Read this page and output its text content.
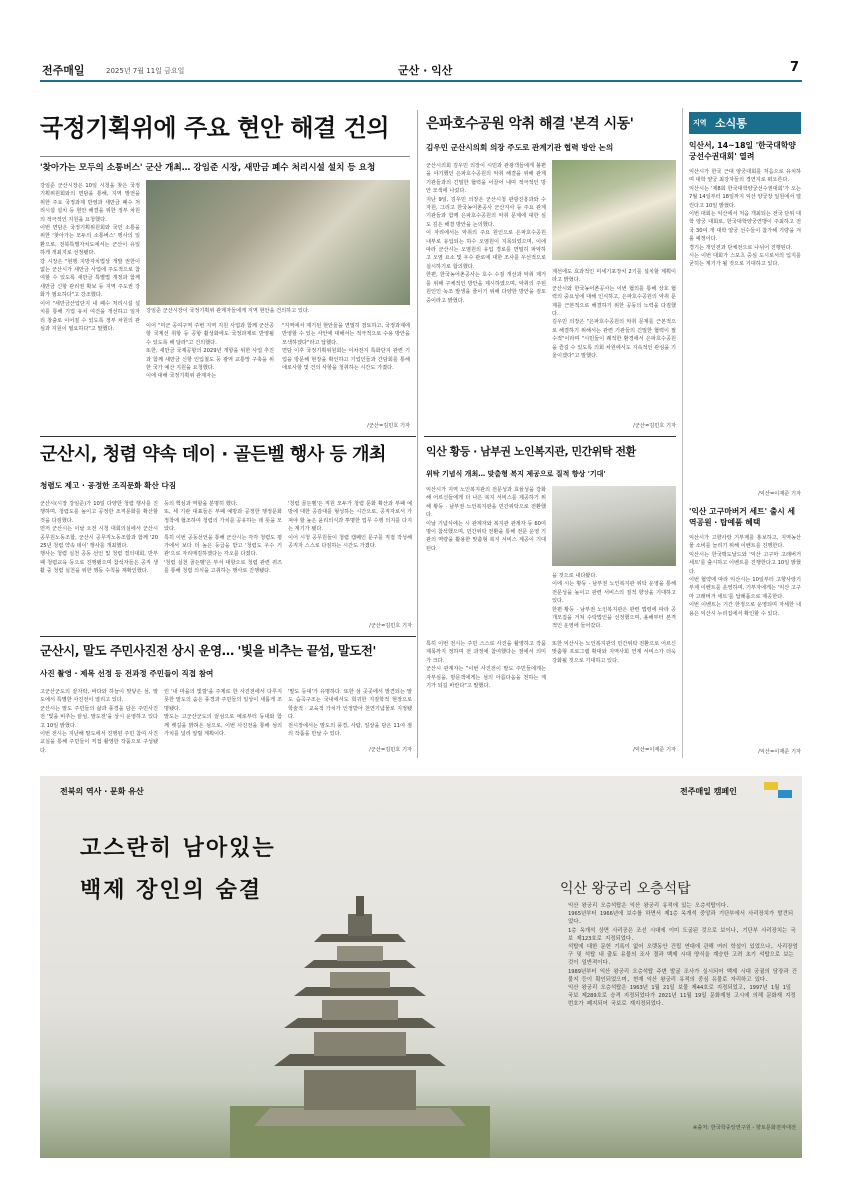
전주매일	2025년 7월 11일 금요일	군산 · 익산	7
국정기획위에 주요 현안 해결 건의
'찾아가는 모두의 소통버스' 군산 개최… 강임준 시장, 새만금 폐수 처리시설 설치 등 요청
강임준 군산시장은 10일 시청을 찾은 국정기획위원회와의 면담을 통해, 지역 발전을 위한 주요 국정과제 반영과 새만금 폐수 처리시설 설치 등 현안 해결을 위한 정부 차원의 적극적인 지원을 요청했다.
이번 면담은 국정기획위원회와 국민 소통을 위한 '찾아가는 모두의 소통버스' 행사의 일환으로, 전북특별자치도에서는 군산이 유일하게 개최지로 선정됐다.
강 시장은 "현행 지방자치법상 개발 권한이 없는 군산시가 새만금 사업에 주도적으로 참여할 수 있도록 새만금 특별법 개정과 함께 새만금 신항 관리권 확보 등 지역 주도권 강화가 필요하다"고 강조했다.
이어 "새만금산업단지 내 폐수 처리시설 설치를 통해 기업 유치 여건을 개선하고 일자리 창출로 이어질 수 있도록 정부 차원의 관심과 지원이 필요하다"고 말했다.
강임준 군산시장이 국정기획위 관계자들에게 지역 현안을 건의하고 있다.
이어 "미군 공여구역 주변 지역 지원 사업과 함께 군산공항 국제선 취항 등 공항 활성화에도 국정과제로 반영될 수 있도록 해 달라"고 건의했다.
또한, 새만금 국제공항의 2029년 개항을 위한 사업 추진과 함께 새만금 신항 인입철도 등 광역 교통망 구축을 위한 국가 예산 지원을 요청했다.
이에 대해 국정기획위 관계자는
"지역에서 제기된 현안들을 면밀히 검토하고, 국정과제에 반영할 수 있는 사안에 대해서는 적극적으로 수용 방안을 모색하겠다"라고 답했다.
면담 이후 국정기획위원회는 이차전지 특화단지 관련 기업을 방문해 현장을 확인하고 기업인들과 간담회를 통해 애로사항 및 건의 사항을 청취하는 시간도 가졌다.
/군산=김민호 기자
은파호수공원 악취 해결 '본격 시동'
김우민 군산시의회 의장 주도로 관계기관 협력 방안 논의
군산시의회 김우민 의장이 시민과 관광객들에게 불편을 야기했던 은파호수공원의 악취 해결을 위해 관계 기관들과의 긴밀한 협력을 이끌어 내며 적극적인 방안 모색에 나섰다.
지난 9일, 김우민 의장은 군산시청 관광진흥과와 수자원, 그리고 한국농어촌공사 군산지사 등 주요 관계 기관들과 함께 은파호수공원의 악취 문제에 대한 심도 깊은 해결 방안을 논의했다.
이 자리에서는 악취의 주요 원인으로 은파호수공원 내부로 유입되는 하수 오염원이 지목되었으며, 이에 따라 군산시는 오염원의 유입 경로를 면밀히 파악하고 오염 요소 및 우수 관로에 대한 조사를 우선적으로 실시하기로 합의했다.
한편, 한국농어촌공사는 호수 수질 개선과 악취 제거를 위해 구체적인 방안을 제시하였으며, 악취의 주된 원인인 녹조 발생을 줄이기 위해 다양한 방안을 검토 중이라고 밝혔다.
계선에도 효과적인 미세기포장치 2기를 설치할 계획이라고 밝혔다.
군산시와 한국농어촌공사는 이번 협의를 통해 상호 협력의 중요성에 대해 인식하고, 은파호수공원의 악취 문제를 근본적으로 해결하기 위한 공동의 노력을 다짐했다.
김우민 의장은 "은파호수공원의 악취 문제를 근본적으로 해결하기 위해서는 관련 기관들의 긴밀한 협력이 필수적"이라며 "시민들이 쾌적한 환경에서 은파호수공원을 즐길 수 있도록 의회 차원에서도 지속적인 관심을 기울이겠다"고 말했다.
/군산=김민호 기자
지역 소식통
익산서, 14~18일 '한국대학양궁선수권대회' 열려
익산시가 한국 근대 양궁대회를 처음으로 유치하며 대학 양궁 최강자들의 경연지로 떠오른다.
익산시는 '제8회 한국대학양궁선수권대회'가 오는 7월 14일부터 18일까지 익산 양궁장 일원에서 열린다고 10일 밝혔다.
이번 대회는 익산에서 처음 개최되는 전국 단위 대학 양궁 대회로, 한국대학양궁연맹이 주최하고 전국 30여 개 대학 양궁 선수들이 참가해 기량을 겨룰 예정이다.
경기는 개인전과 단체전으로 나뉘어 진행된다.
시는 이번 대회가 스포츠 중심 도시로서의 입지를 굳히는 계기가 될 것으로 기대하고 있다.
/익산=이재준 기자
'익산 고구마버거 세트' 출시 세역공원 · 탑예품 혜택
익산시가 고향사랑 기부제를 홍보하고, 지역농산물 소비를 늘리기 위해 이벤트를 진행한다.
익산시는 한국맥도날드와 '익산 고구마 고래버거 세트'를 출시하고 이벤트를 진행한다고 10일 밝혔다.
이번 협약에 따라 익산시는 10일부터 고향사랑기부제 이벤트를 운영하며, 기부자에게는 '익산 고구마 고래버거 세트'를 답례품으로 제공한다.
이번 이벤트는 기간 한정으로 운영되며 자세한 내용은 익산시 누리집에서 확인할 수 있다.
/익산=이재준 기자
군산시, 청렴 약속 데이 · 골든벨 행사 등 개최
청렴도 제고 · 공정한 조직문화 확산 다짐
군산시(시장 강임준)가 10일 다양한 청렴 행사를 진행하며, 청렴도를 높이고 공정한 조직문화를 확산할 것을 다짐했다.
먼저 군산시는 이날 오전 시청 대회의실에서 군산시 공무원노동조합, 군산시 공무직노동조합과 함께 '2025년 청렴 약속 데이' 행사를 개최했다.
행사는 청렴 실천 공동 선언 및 청렴 결의대회, 반부패 청렴교육 등으로 진행됐으며 참석자들은 공직 생활 중 청렴 실천을 위한 행동 수칙을 재확인했다.
등의 핵심과 역할을 분명히 했다.
또, 세 기관 대표들은 부패 예방과 공정한 행정문화 정착에 협조하여 청렴의 가치를 공유하는 데 뜻을 모았다.
특히 이번 공동선언을 통해 군산시는 각각 청렴도 평가에서 보다 더 높은 등급을 받고 '청렴도 우수 기관'으로 자리매김하겠다는 각오를 다졌다.
'청렴 실천 골든벨'은 부서 대항으로 청렴 관련 퀴즈를 통해 청렴 의식을 고취하는 행사로 진행됐다.
'청렴 골든벨'은 직원 모두가 청렴 문화 확산과 부패 예방에 대한 공감대를 형성하는 시간으로, 공직자로서 가져야 할 높은 윤리의식과 투명한 업무 수행 의지를 다지는 계기가 됐다.
이어 시청 공무원들이 청렴 캠페인 문구를 직접 작성해 공직자 스스로 다짐하는 시간도 가졌다.
/군산=김민호 기자
익산 황등 · 남부권 노인복지관, 민간위탁 전환
위탁 기념식 개최… 맞춤형 복지 제공으로 질적 향상 '기대'
익산시가 지역 노인복지관의 전문성과 효율성을 강화해 어르신들에게 더 나은 복지 서비스를 제공하기 위해 황등 · 남부권 노인복지관을 민간위탁으로 전환했다.
이날 기념식에는 시 관계자와 복지관 관계자 등 60여 명이 참석했으며, 민간위탁 전환을 통해 전문 운영 기관의 역량을 활용한 맞춤형 복지 서비스 제공이 기대된다.
을 것으로 내다봤다.
이에 시는 황등 · 남부권 노인복지관 위탁 운영을 통해 전문성을 높이고 관련 서비스의 질적 향상을 기대하고 있다.
한편 황등 · 남부권 노인복지관은 관련 법령에 따라 공개모집을 거쳐 수탁법인을 선정했으며, 올해부터 본격적인 운영에 들어갔다.
군산시, 말도 주민사진전 상시 운영… '빛을 비추는 끝섬, 말도전'
사진 촬영 · 제목 선정 등 전과정 주민들이 직접 참여
고군산군도의 끝자락, 바다와 하늘이 맞닿은 섬, 말도에서 특별한 사진전이 열리고 있다.
군산시는 말도 주민들의 삶과 풍경을 담은 주민사진전 '빛을 비추는 끝섬, 말도전'을 상시 운영하고 있다고 10일 밝혔다.
이번 전시는 지난해 말도에서 진행된 주민 참여 사진 교실을 통해 주민들이 직접 촬영한 작품으로 구성됐다.
린 '내 마을의 빛깔'을 주제로 한 사진전에서 다루지 못한 말도의 숨은 풍경과 주민들의 일상이 새롭게 조명됐다.
말도는 고군산군도의 끝섬으로 예로부터 등대와 함께 뱃길을 밝혀온 섬으로, 이번 사진전을 통해 섬의 가치를 널리 알릴 계획이다.
'말도 등대'가 유명하다. 또한 섬 곳곳에서 발견되는 말도 습곡구조는 국내에서도 희귀한 지질학적 현장으로 학술적 · 교육적 가치가 인정받아 천연기념물로 지정됐다.
전시장에서는 말도의 풍경, 사람, 일상을 담은 11여 점의 작품을 만날 수 있다.
/군산=김민호 기자
특히 이번 전시는 주민 스스로 사진을 촬영하고 작품 제목까지 정하며 전 과정에 참여했다는 점에서 의미가 크다.
군산시 관계자는 "이번 사진전이 말도 주민들에게는 자부심을, 방문객에게는 섬의 아름다움을 전하는 계기가 되길 바란다"고 말했다.
또한 익산시는 노인복지관의 민간위탁 전환으로 어르신 맞춤형 프로그램 확대와 지역사회 연계 서비스가 더욱 강화될 것으로 기대하고 있다.
/익산=이재준 기자
전북의 역사 · 문화 유산	전주매일 캠페인
고스란히 남아있는
백제 장인의 숨결	익산 왕궁리 오층석탑
익산 왕궁리 오층석탑은 익산 왕궁리 유적에 있는 오층석탑이다.
1965년부터 1966년에 보수를 하면서 제1층 옥개석 중앙과 기단부에서 사리장치가 발견되었다.
1층 옥개석 상면 사리공은 조선 시대에 이미 도굴된 것으로 보이나, 기단부 사리장치는 국보 제123호로 지정되었다.
석탑에 대한 문헌 기록이 없어 오랫동안 건립 연대에 관해 여러 학설이 있었으나, 사리장엄구 및 석탑 내 출토 유물의 조사 결과 백제 시대 양식을 계승한 고려 초기 석탑으로 보는 것이 일반적이다.
1989년부터 익산 왕궁리 오층석탑 주변 발굴 조사가 실시되어 백제 시대 궁궐의 담장과 건물지 등이 확인되었으며, 현재 익산 왕궁리 유적의 중심 유물로 자리하고 있다.
익산 왕궁리 오층석탑은 1963년 1월 21일 보물 제44호로 지정되었고, 1997년 1월 1일 국보 제289호로 승격 지정되었다가 2021년 11월 19일 문화재청 고시에 의해 문화재 지정번호가 폐지되어 국보로 재지정되었다.
※출처: 한국학중앙연구원 - 향토문화전자대전
